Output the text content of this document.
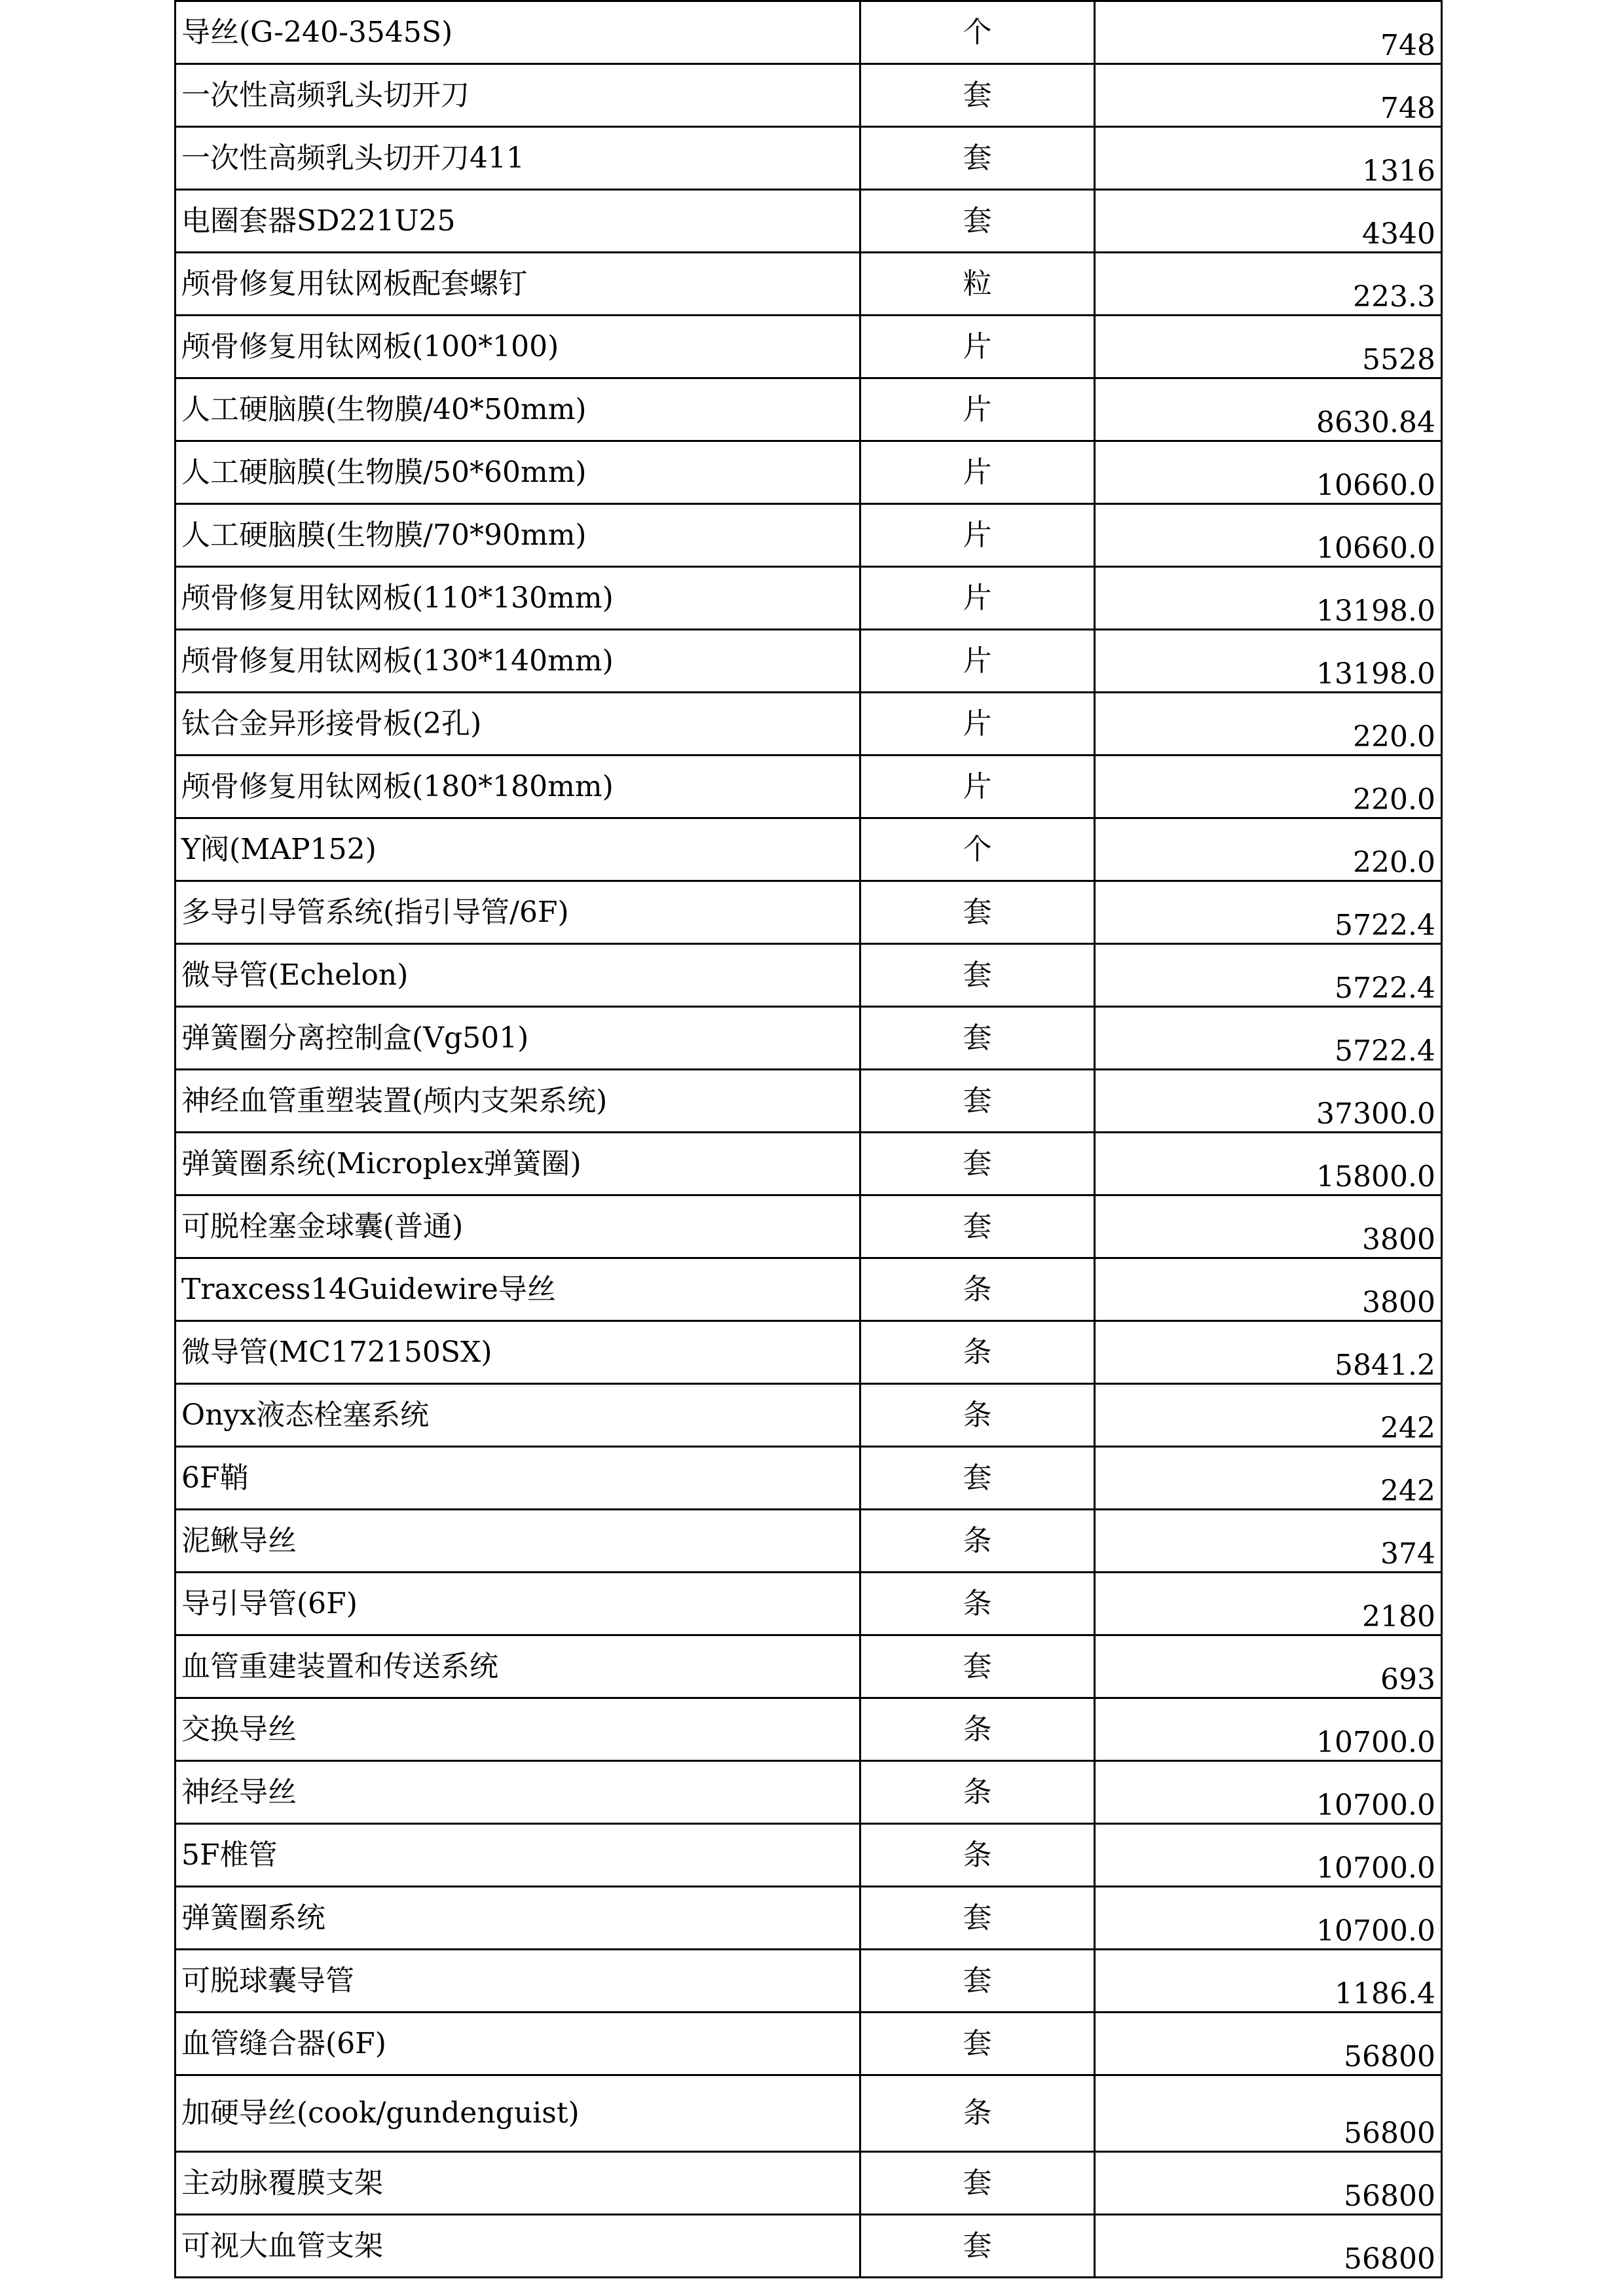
导丝(G-240-3545S)	个	748
一次性高频乳头切开刀	套	748
一次性高频乳头切开刀411	套	1316
电圈套器SD221U25	套	4340
颅骨修复用钛网板配套螺钉	粒	223.3
颅骨修复用钛网板(100*100)	片	5528
人工硬脑膜(生物膜/40*50mm)	片	8630.84
人工硬脑膜(生物膜/50*60mm)	片	10660.0
人工硬脑膜(生物膜/70*90mm)	片	10660.0
颅骨修复用钛网板(110*130mm)	片	13198.0
颅骨修复用钛网板(130*140mm)	片	13198.0
钛合金异形接骨板(2孔)	片	220.0
颅骨修复用钛网板(180*180mm)	片	220.0
Y阀(MAP152)	个	220.0
多导引导管系统(指引导管/6F)	套	5722.4
微导管(Echelon)	套	5722.4
弹簧圈分离控制盒(Vg501)	套	5722.4
神经血管重塑装置(颅内支架系统)	套	37300.0
弹簧圈系统(Microplex弹簧圈)	套	15800.0
可脱栓塞金球囊(普通)	套	3800
Traxcess14Guidewire导丝	条	3800
微导管(MC172150SX)	条	5841.2
Onyx液态栓塞系统	条	242
6F鞘	套	242
泥鳅导丝	条	374
导引导管(6F)	条	2180
血管重建装置和传送系统	套	693
交换导丝	条	10700.0
神经导丝	条	10700.0
5F椎管	条	10700.0
弹簧圈系统	套	10700.0
可脱球囊导管	套	1186.4
血管缝合器(6F)	套	56800
加硬导丝(cook/gundenguist)	条	56800
主动脉覆膜支架	套	56800
可视大血管支架	套	56800
